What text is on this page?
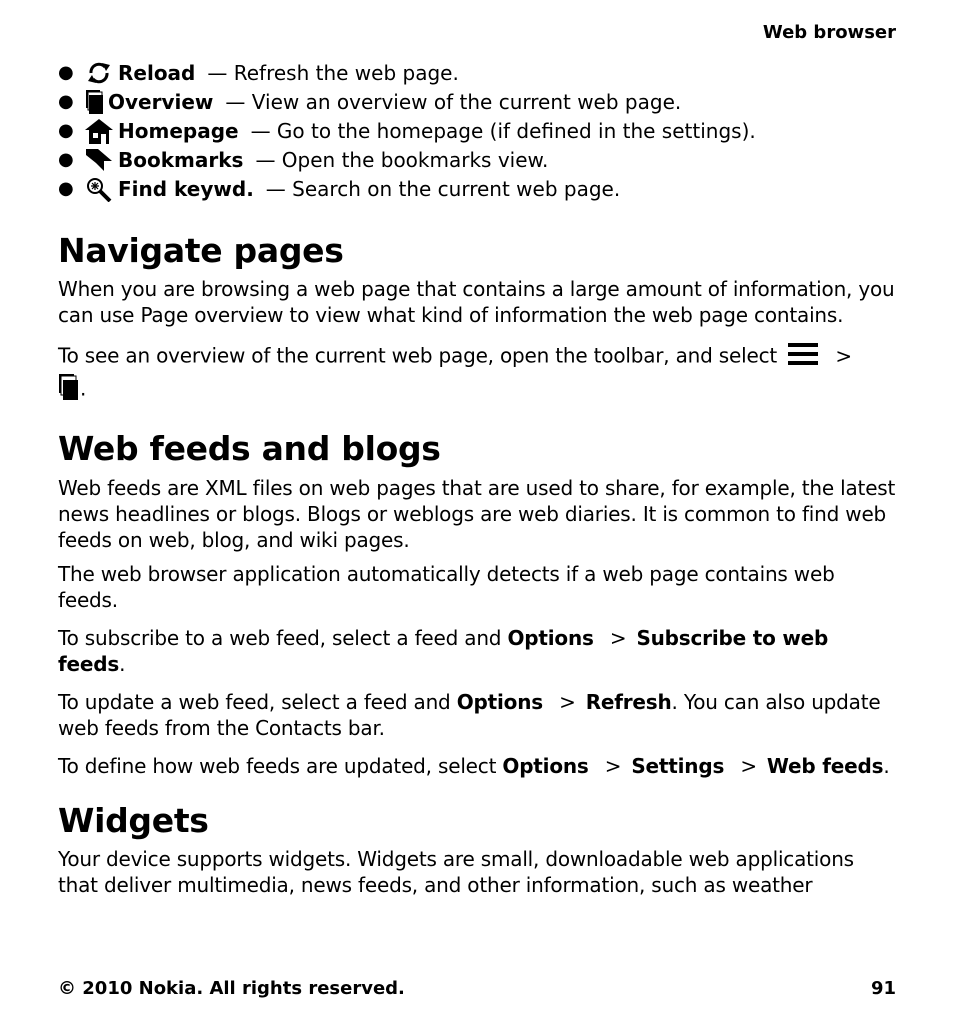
Web browser
●	Reload — Refresh the web page.
●	Overview — View an overview of the current web page.
●	Homepage — Go to the homepage (if defined in the settings).
●	Bookmarks — Open the bookmarks view.
●	Find keywd. — Search on the current web page.
Navigate pages

When you are browsing a web page that contains a large amount of information, you can use Page overview to view what kind of information the web page contains.

To see an overview of the current web page, open the toolbar, and select	>
.

Web feeds and blogs

Web feeds are XML files on web pages that are used to share, for example, the latest news headlines or blogs. Blogs or weblogs are web diaries. It is common to find web feeds on web, blog, and wiki pages.

The web browser application automatically detects if a web page contains web feeds.

To subscribe to a web feed, select a feed and Options > Subscribe to web feeds.

To update a web feed, select a feed and Options > Refresh. You can also update web feeds from the Contacts bar.

To define how web feeds are updated, select Options > Settings > Web feeds.

Widgets

Your device supports widgets. Widgets are small, downloadable web applications that deliver multimedia, news feeds, and other information, such as weather

© 2010 Nokia. All rights reserved.	91
